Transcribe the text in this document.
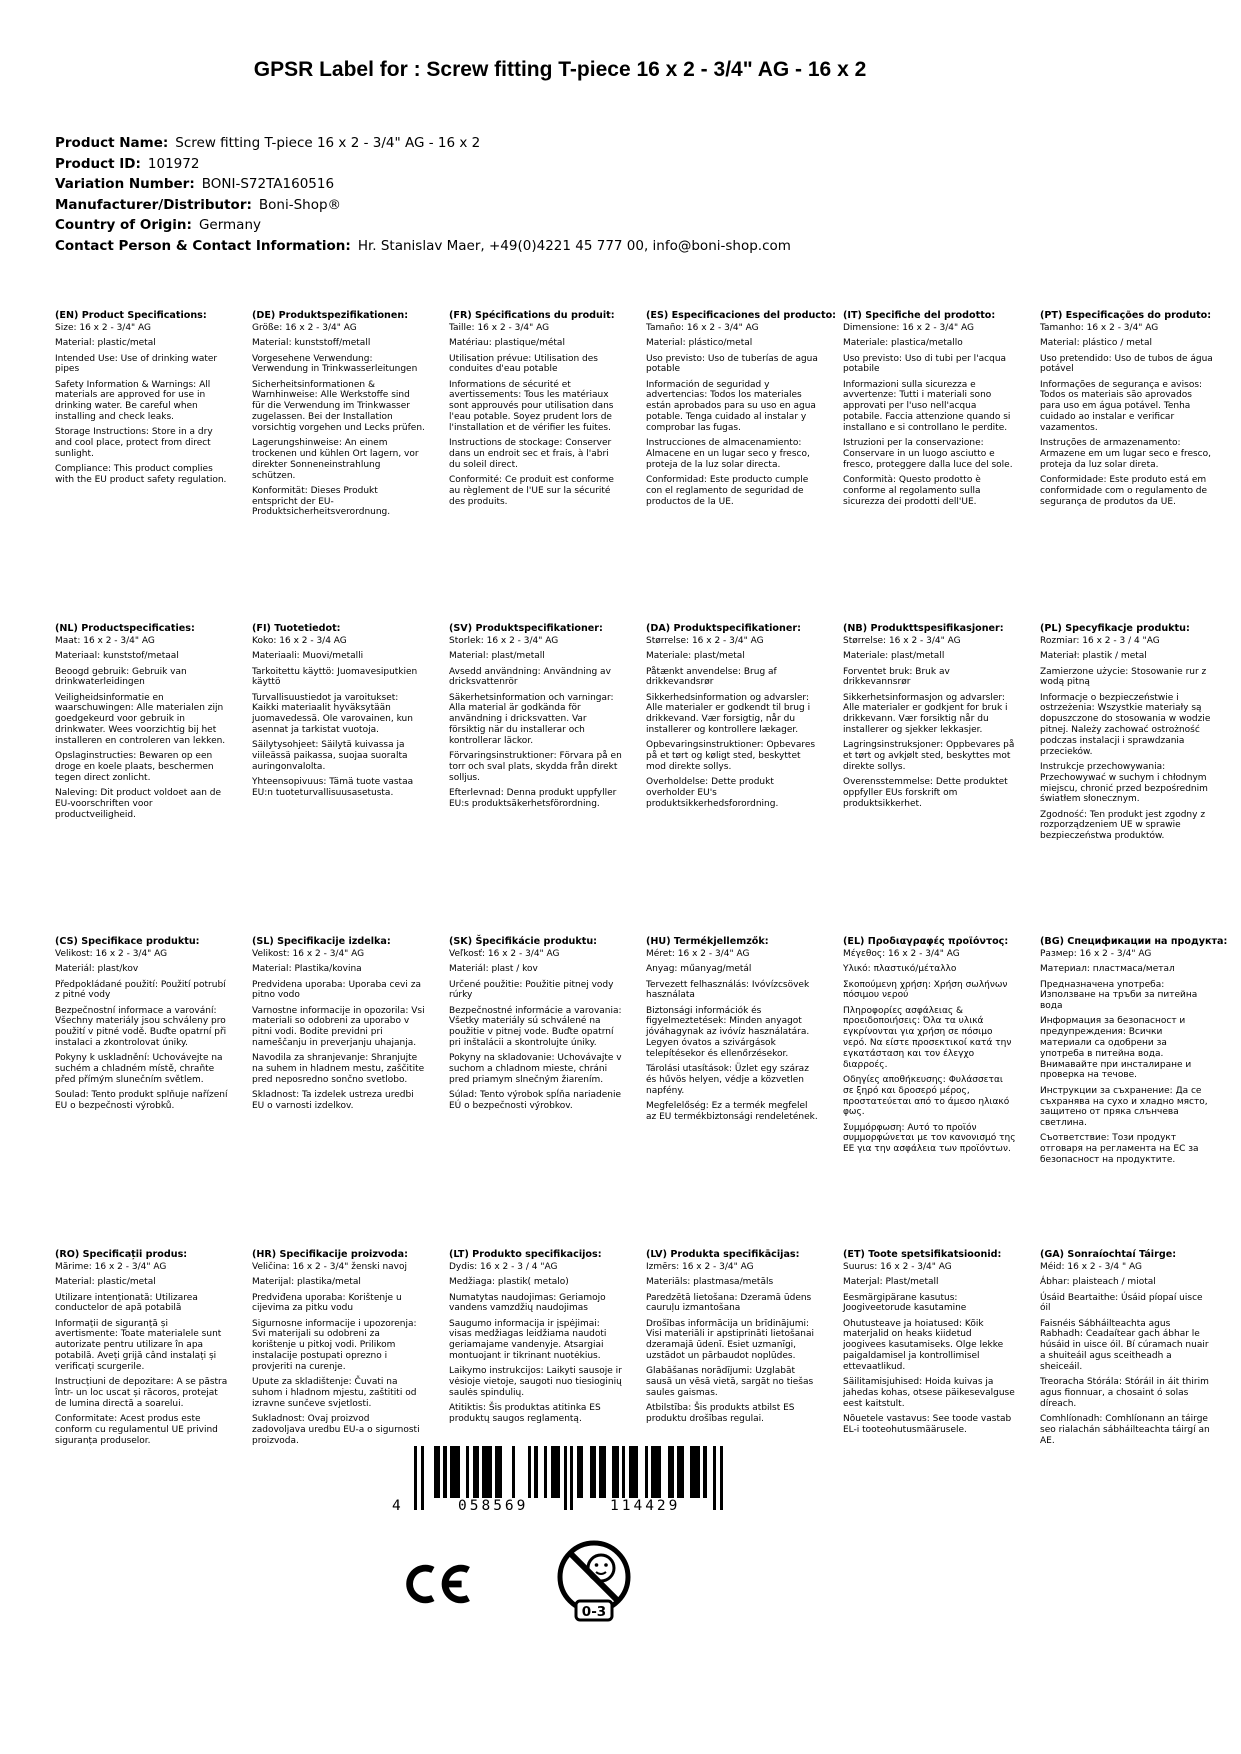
GPSR Label for : Screw fitting T-piece 16 x 2 - 3/4" AG - 16 x 2
Product Name: Screw fitting T-piece 16 x 2 - 3/4" AG - 16 x 2
Product ID: 101972
Variation Number: BONI-S72TA160516
Manufacturer/Distributor: Boni-Shop®
Country of Origin: Germany
Contact Person & Contact Information: Hr. Stanislav Maer, +49(0)4221 45 777 00, info@boni-shop.com
(EN) Product Specifications:

Size: 16 x 2 - 3/4" AG

Material: plastic/metal

Intended Use: Use of drinking water pipes

Safety Information & Warnings: All materials are approved for use in drinking water. Be careful when installing and check leaks.

Storage Instructions: Store in a dry and cool place, protect from direct sunlight.

Compliance: This product complies with the EU product safety regulation.

(DE) Produktspezifikationen:

Größe: 16 x 2 - 3/4" AG

Material: kunststoff/metall

Vorgesehene Verwendung: Verwendung in Trinkwasserleitungen

Sicherheitsinformationen & Warnhinweise: Alle Werkstoffe sind für die Verwendung im Trinkwasser zugelassen. Bei der Installation vorsichtig vorgehen und Lecks prüfen.

Lagerungshinweise: An einem trockenen und kühlen Ort lagern, vor direkter Sonneneinstrahlung schützen.

Konformität: Dieses Produkt entspricht der EU-Produktsicherheitsverordnung.

(FR) Spécifications du produit:

Taille: 16 x 2 - 3/4" AG

Matériau: plastique/métal

Utilisation prévue: Utilisation des conduites d'eau potable

Informations de sécurité et avertissements: Tous les matériaux sont approuvés pour utilisation dans l'eau potable. Soyez prudent lors de l'installation et de vérifier les fuites.

Instructions de stockage: Conserver dans un endroit sec et frais, à l'abri du soleil direct.

Conformité: Ce produit est conforme au règlement de l'UE sur la sécurité des produits.

(ES) Especificaciones del producto:

Tamaño: 16 x 2 - 3/4" AG

Material: plástico/metal

Uso previsto: Uso de tuberías de agua potable

Información de seguridad y advertencias: Todos los materiales están aprobados para su uso en agua potable. Tenga cuidado al instalar y comprobar las fugas.

Instrucciones de almacenamiento: Almacene en un lugar seco y fresco, proteja de la luz solar directa.

Conformidad: Este producto cumple con el reglamento de seguridad de productos de la UE.

(IT) Specifiche del prodotto:

Dimensione: 16 x 2 - 3/4" AG

Materiale: plastica/metallo

Uso previsto: Uso di tubi per l'acqua potabile

Informazioni sulla sicurezza e avvertenze: Tutti i materiali sono approvati per l'uso nell'acqua potabile. Faccia attenzione quando si installano e si controllano le perdite.

Istruzioni per la conservazione: Conservare in un luogo asciutto e fresco, proteggere dalla luce del sole.

Conformità: Questo prodotto è conforme al regolamento sulla sicurezza dei prodotti dell'UE.

(PT) Especificações do produto:

Tamanho: 16 x 2 - 3/4" AG

Material: plástico / metal

Uso pretendido: Uso de tubos de água potável

Informações de segurança e avisos: Todos os materiais são aprovados para uso em água potável. Tenha cuidado ao instalar e verificar vazamentos.

Instruções de armazenamento: Armazene em um lugar seco e fresco, proteja da luz solar direta.

Conformidade: Este produto está em conformidade com o regulamento de segurança de produtos da UE.

(NL) Productspecificaties:

Maat: 16 x 2 - 3/4" AG

Materiaal: kunststof/metaal

Beoogd gebruik: Gebruik van drinkwaterleidingen

Veiligheidsinformatie en waarschuwingen: Alle materialen zijn goedgekeurd voor gebruik in drinkwater. Wees voorzichtig bij het installeren en controleren van lekken.

Opslaginstructies: Bewaren op een droge en koele plaats, beschermen tegen direct zonlicht.

Naleving: Dit product voldoet aan de EU-voorschriften voor productveiligheid.

(FI) Tuotetiedot:

Koko: 16 x 2 - 3/4 AG

Materiaali: Muovi/metalli

Tarkoitettu käyttö: Juomavesiputkien käyttö

Turvallisuustiedot ja varoitukset: Kaikki materiaalit hyväksytään juomavedessä. Ole varovainen, kun asennat ja tarkistat vuotoja.

Säilytysohjeet: Säilytä kuivassa ja viileässä paikassa, suojaa suoralta auringonvalolta.

Yhteensopivuus: Tämä tuote vastaa EU:n tuoteturvallisuusasetusta.

(SV) Produktspecifikationer:

Storlek: 16 x 2 - 3/4" AG

Material: plast/metall

Avsedd användning: Användning av dricksvattenrör

Säkerhetsinformation och varningar: Alla material är godkända för användning i dricksvatten. Var försiktig när du installerar och kontrollerar läckor.

Förvaringsinstruktioner: Förvara på en torr och sval plats, skydda från direkt solljus.

Efterlevnad: Denna produkt uppfyller EU:s produktsäkerhetsförordning.

(DA) Produktspecifikationer:

Størrelse: 16 x 2 - 3/4" AG

Materiale: plast/metal

Påtænkt anvendelse: Brug af drikkevandsrør

Sikkerhedsinformation og advarsler: Alle materialer er godkendt til brug i drikkevand. Vær forsigtig, når du installerer og kontrollere lækager.

Opbevaringsinstruktioner: Opbevares på et tørt og køligt sted, beskyttet mod direkte sollys.

Overholdelse: Dette produkt overholder EU's produktsikkerhedsforordning.

(NB) Produkttspesifikasjoner:

Størrelse: 16 x 2 - 3/4" AG

Materiale: plast/metall

Forventet bruk: Bruk av drikkevannsrør

Sikkerhetsinformasjon og advarsler: Alle materialer er godkjent for bruk i drikkevann. Vær forsiktig når du installerer og sjekker lekkasjer.

Lagringsinstruksjoner: Oppbevares på et tørt og avkjølt sted, beskyttes mot direkte sollys.

Overensstemmelse: Dette produktet oppfyller EUs forskrift om produktsikkerhet.

(PL) Specyfikacje produktu:

Rozmiar: 16 x 2 - 3 / 4 "AG

Materiał: plastik / metal

Zamierzone użycie: Stosowanie rur z wodą pitną

Informacje o bezpieczeństwie i ostrzeżenia: Wszystkie materiały są dopuszczone do stosowania w wodzie pitnej. Należy zachować ostrożność podczas instalacji i sprawdzania przecieków.

Instrukcje przechowywania: Przechowywać w suchym i chłodnym miejscu, chronić przed bezpośrednim światłem słonecznym.

Zgodność: Ten produkt jest zgodny z rozporządzeniem UE w sprawie bezpieczeństwa produktów.

(CS) Specifikace produktu:

Velikost: 16 x 2 - 3/4" AG

Materiál: plast/kov

Předpokládané použití: Použití potrubí z pitné vody

Bezpečnostní informace a varování: Všechny materiály jsou schváleny pro použití v pitné vodě. Buďte opatrní při instalaci a zkontrolovat úniky.

Pokyny k uskladnění: Uchovávejte na suchém a chladném místě, chraňte před přímým slunečním světlem.

Soulad: Tento produkt splňuje nařízení EU o bezpečnosti výrobků.

(SL) Specifikacije izdelka:

Velikost: 16 x 2 - 3/4" AG

Material: Plastika/kovina

Predvidena uporaba: Uporaba cevi za pitno vodo

Varnostne informacije in opozorila: Vsi materiali so odobreni za uporabo v pitni vodi. Bodite previdni pri nameščanju in preverjanju uhajanja.

Navodila za shranjevanje: Shranjujte na suhem in hladnem mestu, zaščitite pred neposredno sončno svetlobo.

Skladnost: Ta izdelek ustreza uredbi EU o varnosti izdelkov.

(SK) Špecifikácie produktu:

Veľkosť: 16 x 2 - 3/4" AG

Materiál: plast / kov

Určené použitie: Použitie pitnej vody rúrky

Bezpečnostné informácie a varovania: Všetky materiály sú schválené na použitie v pitnej vode. Buďte opatrní pri inštalácii a skontrolujte úniky.

Pokyny na skladovanie: Uchovávajte v suchom a chladnom mieste, chráni pred priamym slnečným žiarením.

Súlad: Tento výrobok spĺňa nariadenie EÚ o bezpečnosti výrobkov.

(HU) Termékjellemzők:

Méret: 16 x 2 - 3/4" AG

Anyag: műanyag/metál

Tervezett felhasználás: Ivóvízcsövek használata

Biztonsági információk és figyelmeztetések: Minden anyagot jóváhagynak az ivóvíz használatára. Legyen óvatos a szivárgások telepítésekor és ellenőrzésekor.

Tárolási utasítások: Üzlet egy száraz és hűvös helyen, védje a közvetlen napfény.

Megfelelőség: Ez a termék megfelel az EU termékbiztonsági rendeletének.

(EL) Προδιαγραφές προϊόντος:

Μέγεθος: 16 x 2 - 3/4" AG

Υλικό: πλαστικό/μέταλλο

Σκοπούμενη χρήση: Χρήση σωλήνων πόσιμου νερού

Πληροφορίες ασφάλειας & προειδοποιήσεις: Όλα τα υλικά εγκρίνονται για χρήση σε πόσιμο νερό. Να είστε προσεκτικοί κατά την εγκατάσταση και τον έλεγχο διαρροές.

Οδηγίες αποθήκευσης: Φυλάσσεται σε ξηρό και δροσερό μέρος, προστατεύεται από το άμεσο ηλιακό φως.

Συμμόρφωση: Αυτό το προϊόν συμμορφώνεται με τον κανονισμό της ΕΕ για την ασφάλεια των προϊόντων.

(BG) Спецификации на продукта:

Размер: 16 x 2 - 3/4" AG

Материал: пластмаса/метал

Предназначена употреба: Използване на тръби за питейна вода

Информация за безопасност и предупреждения: Всички материали са одобрени за употреба в питейна вода. Внимавайте при инсталиране и проверка на течове.

Инструкции за съхранение: Да се съхранява на сухо и хладно място, защитено от пряка слънчева светлина.

Съответствие: Този продукт отговаря на регламента на ЕС за безопасност на продуктите.

(RO) Specificații produs:

Mărime: 16 x 2 - 3/4" AG

Material: plastic/metal

Utilizare intenționată: Utilizarea conductelor de apă potabilă

Informații de siguranță și avertismente: Toate materialele sunt autorizate pentru utilizare în apa potabilă. Aveți grijă când instalați și verificați scurgerile.

Instrucțiuni de depozitare: A se păstra într- un loc uscat și răcoros, protejat de lumina directă a soarelui.

Conformitate: Acest produs este conform cu regulamentul UE privind siguranța produselor.

(HR) Specifikacije proizvoda:

Veličina: 16 x 2 - 3/4" ženski navoj

Materijal: plastika/metal

Predviđena uporaba: Korištenje u cijevima za pitku vodu

Sigurnosne informacije i upozorenja: Svi materijali su odobreni za korištenje u pitkoj vodi. Prilikom instalacije postupati oprezno i provjeriti na curenje.

Upute za skladištenje: Čuvati na suhom i hladnom mjestu, zaštititi od izravne sunčeve svjetlosti.

Sukladnost: Ovaj proizvod zadovoljava uredbu EU-a o sigurnosti proizvoda.

(LT) Produkto specifikacijos:

Dydis: 16 x 2 - 3 / 4 "AG

Medžiaga: plastik( metalo)

Numatytas naudojimas: Geriamojo vandens vamzdžių naudojimas

Saugumo informacija ir įspėjimai: visas medžiagas leidžiama naudoti geriamajame vandenyje. Atsargiai montuojant ir tikrinant nuotėkius.

Laikymo instrukcijos: Laikyti sausoje ir vėsioje vietoje, saugoti nuo tiesioginių saulės spindulių.

Atitiktis: Šis produktas atitinka ES produktų saugos reglamentą.

(LV) Produkta specifikācijas:

Izmērs: 16 x 2 - 3/4" AG

Materiāls: plastmasa/metāls

Paredzētā lietošana: Dzeramā ūdens cauruļu izmantošana

Drošības informācija un brīdinājumi: Visi materiāli ir apstiprināti lietošanai dzeramajā ūdenī. Esiet uzmanīgi, uzstādot un pārbaudot noplūdes.

Glabāšanas norādījumi: Uzglabāt sausā un vēsā vietā, sargāt no tiešas saules gaismas.

Atbilstība: Šis produkts atbilst ES produktu drošības regulai.

(ET) Toote spetsifikatsioonid:

Suurus: 16 x 2 - 3/4" AG

Materjal: Plast/metall

Eesmärgipärane kasutus: Joogiveetorude kasutamine

Ohutusteave ja hoiatused: Kõik materjalid on heaks kiidetud joogivees kasutamiseks. Olge lekke paigaldamisel ja kontrollimisel ettevaatlikud.

Säilitamisjuhised: Hoida kuivas ja jahedas kohas, otsese päikesevalguse eest kaitstult.

Nõuetele vastavus: See toode vastab EL-i tooteohutusmäärusele.

(GA) Sonraíochtaí Táirge:

Méid: 16 x 2 - 3/4 " AG

Ábhar: plaisteach / miotal

Úsáid Beartaithe: Úsáid píopaí uisce óil

Faisnéis Sábháilteachta agus Rabhadh: Ceadaítear gach ábhar le húsáid in uisce óil. Bí cúramach nuair a shuiteáil agus sceitheadh a sheiceáil.

Treoracha Stórála: Stóráil in áit thirim agus fionnuar, a chosaint ó solas díreach.

Comhlíonadh: Comhlíonann an táirge seo rialachán sábháilteachta táirgí an AE.

4	058569	114429
0-3
